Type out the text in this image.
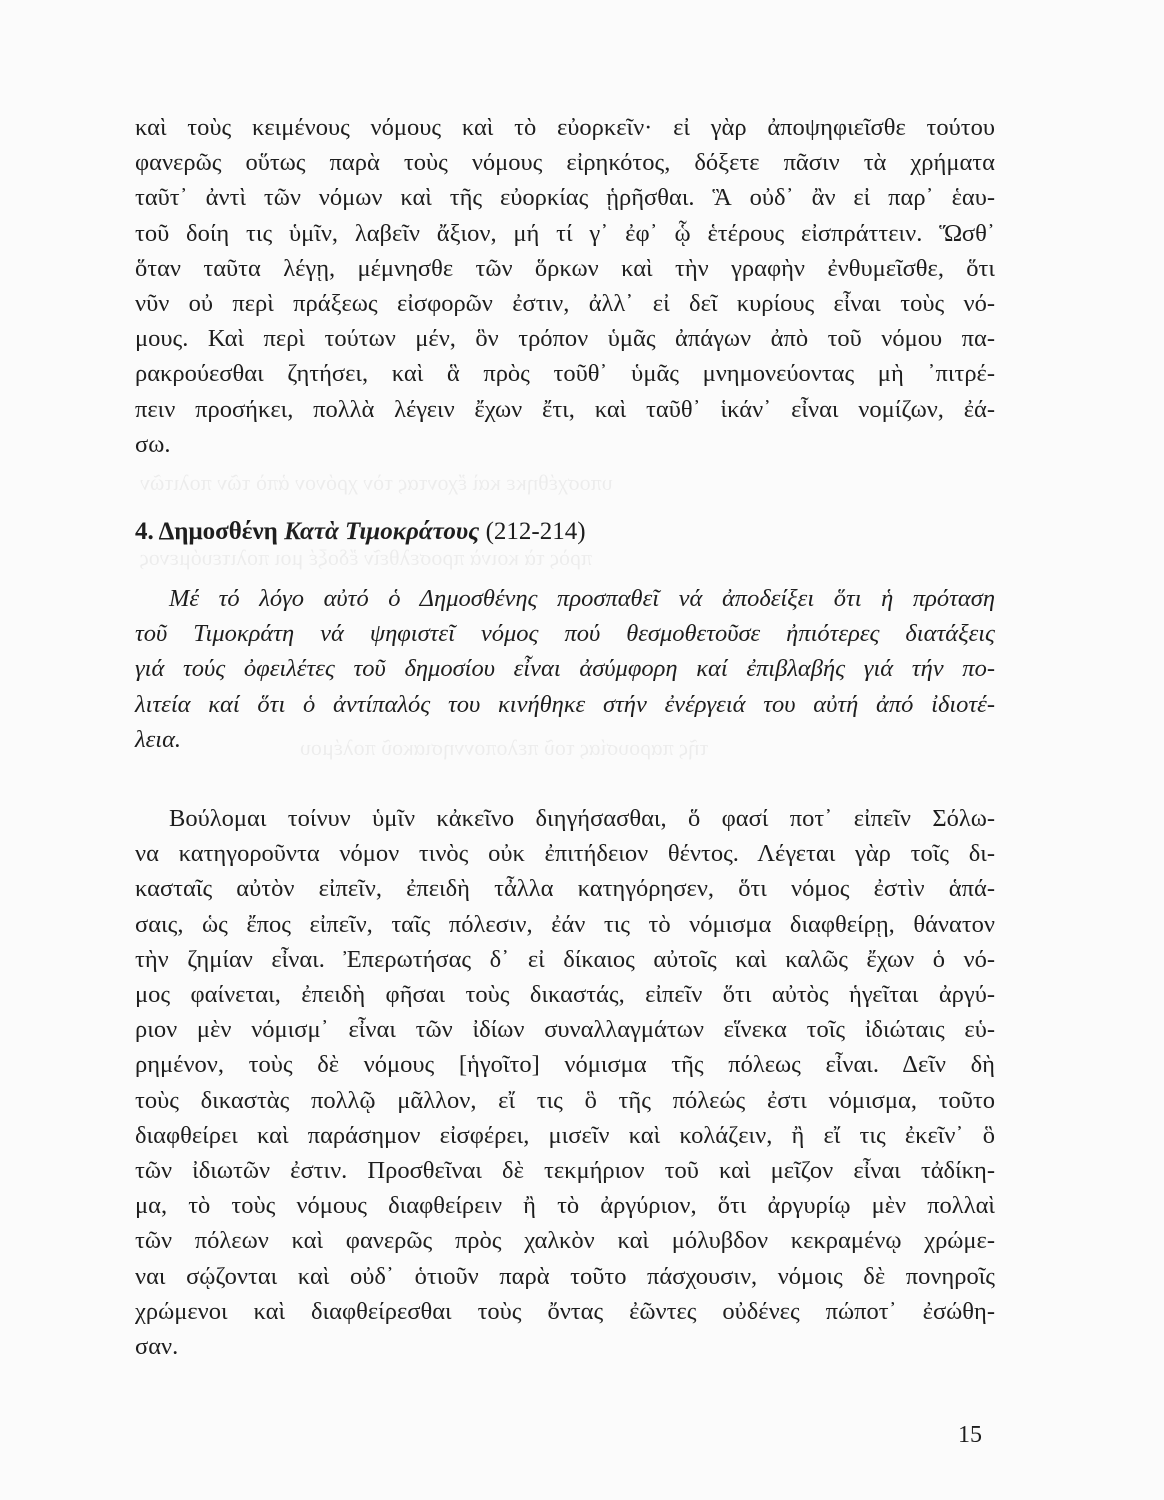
υποσχέθηκε καὶ ἔχοντας τὸν χρόνον ἀπὸ τῶν πολιτῶν
πρὸς τὰ κοινὰ προσελθεῖν ἔδοξέ μοι πολιτευόμενος
τῆς παρουσίας τοῦ πελοποννησιακοῦ πολέμου
καὶ τοὺς κειμένους νόμους καὶ τὸ εὐορκεῖν· εἰ γὰρ ἀποψηφιεῖσθε τούτου
φανερῶς οὕτως παρὰ τοὺς νόμους εἰρηκότος, δόξετε πᾶσιν τὰ χρήματα
ταῦτ᾽ ἀντὶ τῶν νόμων καὶ τῆς εὐορκίας ᾑρῆσθαι. Ἃ οὐδ᾽ ἂν εἰ παρ᾽ ἑαυ-
τοῦ δοίη τις ὑμῖν, λαβεῖν ἄξιον, μή τί γ᾽ ἐφ᾽ ᾧ ἑτέρους εἰσπράττειν. Ὥσθ᾽
ὅταν ταῦτα λέγῃ, μέμνησθε τῶν ὅρκων καὶ τὴν γραφὴν ἐνθυμεῖσθε, ὅτι
νῦν οὐ περὶ πράξεως εἰσφορῶν ἐστιν, ἀλλ᾽ εἰ δεῖ κυρίους εἶναι τοὺς νό-
μους. Καὶ περὶ τούτων μέν, ὃν τρόπον ὑμᾶς ἀπάγων ἀπὸ τοῦ νόμου πα-
ρακρούεσθαι ζητήσει, καὶ ἃ πρὸς τοῦθ᾽ ὑμᾶς μνημονεύοντας μὴ ᾽πιτρέ-
πειν προσήκει, πολλὰ λέγειν ἔχων ἔτι, καὶ ταῦθ᾽ ἱκάν᾽ εἶναι νομίζων, ἐά-
σω.
4. Δημοσθένη Κατὰ Τιμοκράτους (212-214)
Μέ τό λόγο αὐτό ὁ Δημοσθένης προσπαθεῖ νά ἀποδείξει ὅτι ἡ πρόταση
τοῦ Τιμοκράτη νά ψηφιστεῖ νόμος πού θεσμοθετοῦσε ἠπιότερες διατάξεις
γιά τούς ὀφειλέτες τοῦ δημοσίου εἶναι ἀσύμφορη καί ἐπιβλαβής γιά τήν πο-
λιτεία καί ὅτι ὁ ἀντίπαλός του κινήθηκε στήν ἐνέργειά του αὐτή ἀπό ἰδιοτέ-
λεια.
Βούλομαι τοίνυν ὑμῖν κἀκεῖνο διηγήσασθαι, ὅ φασί ποτ᾽ εἰπεῖν Σόλω-
να κατηγοροῦντα νόμον τινὸς οὐκ ἐπιτήδειον θέντος. Λέγεται γὰρ τοῖς δι-
κασταῖς αὐτὸν εἰπεῖν, ἐπειδὴ τἆλλα κατηγόρησεν, ὅτι νόμος ἐστὶν ἁπά-
σαις, ὡς ἔπος εἰπεῖν, ταῖς πόλεσιν, ἐάν τις τὸ νόμισμα διαφθείρῃ, θάνατον
τὴν ζημίαν εἶναι. Ἐπερωτήσας δ᾽ εἰ δίκαιος αὐτοῖς καὶ καλῶς ἔχων ὁ νό-
μος φαίνεται, ἐπειδὴ φῆσαι τοὺς δικαστάς, εἰπεῖν ὅτι αὐτὸς ἡγεῖται ἀργύ-
ριον μὲν νόμισμ᾽ εἶναι τῶν ἰδίων συναλλαγμάτων εἵνεκα τοῖς ἰδιώταις εὑ-
ρημένον, τοὺς δὲ νόμους [ἡγοῖτο] νόμισμα τῆς πόλεως εἶναι. Δεῖν δὴ
τοὺς δικαστὰς πολλῷ μᾶλλον, εἴ τις ὃ τῆς πόλεώς ἐστι νόμισμα, τοῦτο
διαφθείρει καὶ παράσημον εἰσφέρει, μισεῖν καὶ κολάζειν, ἢ εἴ τις ἐκεῖν᾽ ὃ
τῶν ἰδιωτῶν ἐστιν. Προσθεῖναι δὲ τεκμήριον τοῦ καὶ μεῖζον εἶναι τἀδίκη-
μα, τὸ τοὺς νόμους διαφθείρειν ἢ τὸ ἀργύριον, ὅτι ἀργυρίῳ μὲν πολλαὶ
τῶν πόλεων καὶ φανερῶς πρὸς χαλκὸν καὶ μόλυβδον κεκραμένῳ χρώμε-
ναι σῴζονται καὶ οὐδ᾽ ὁτιοῦν παρὰ τοῦτο πάσχουσιν, νόμοις δὲ πονηροῖς
χρώμενοι καὶ διαφθείρεσθαι τοὺς ὄντας ἐῶντες οὐδένες πώποτ᾽ ἐσώθη-
σαν.
15
